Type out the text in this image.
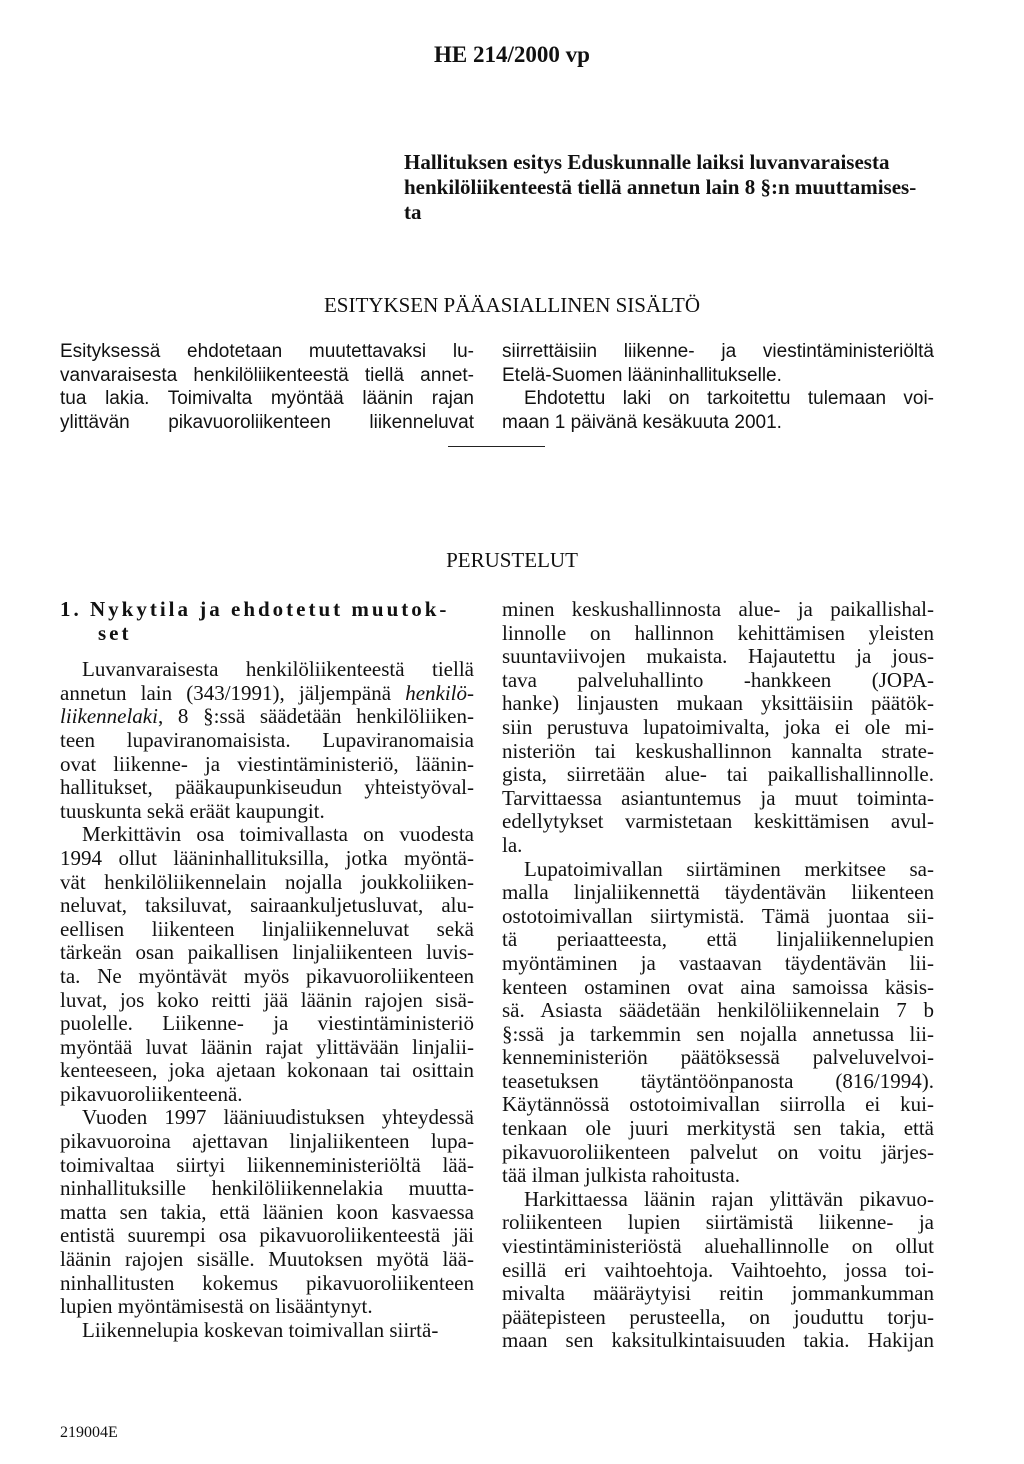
HE 214/2000 vp
Hallituksen esitys Eduskunnalle laiksi luvanvaraisesta
henkilöliikenteestä tiellä annetun lain 8 §:n muuttamises-
ta
ESITYKSEN PÄÄASIALLINEN SISÄLTÖ
Esityksessä ehdotetaan muutettavaksi lu-
vanvaraisesta henkilöliikenteestä tiellä annet-
tua lakia. Toimivalta myöntää läänin rajan
ylittävän pikavuoroliikenteen liikenneluvat
siirrettäisiin liikenne- ja viestintäministeriöltä
Etelä-Suomen lääninhallitukselle.
Ehdotettu laki on tarkoitettu tulemaan voi-
maan 1 päivänä kesäkuuta 2001.
PERUSTELUT
1. Nykytila ja ehdotetut muutok-
set
Luvanvaraisesta henkilöliikenteestä tiellä
annetun lain (343/1991), jäljempänä henkilö-
liikennelaki, 8 §:ssä säädetään henkilöliiken-
teen lupaviranomaisista. Lupaviranomaisia
ovat liikenne- ja viestintäministeriö, läänin-
hallitukset, pääkaupunkiseudun yhteistyöval-
tuuskunta sekä eräät kaupungit.
Merkittävin osa toimivallasta on vuodesta
1994 ollut lääninhallituksilla, jotka myöntä-
vät henkilöliikennelain nojalla joukkoliiken-
neluvat, taksiluvat, sairaankuljetusluvat, alu-
eellisen liikenteen linjaliikenneluvat sekä
tärkeän osan paikallisen linjaliikenteen luvis-
ta. Ne myöntävät myös pikavuoroliikenteen
luvat, jos koko reitti jää läänin rajojen sisä-
puolelle. Liikenne- ja viestintäministeriö
myöntää luvat läänin rajat ylittävään linjalii-
kenteeseen, joka ajetaan kokonaan tai osittain
pikavuoroliikenteenä.
Vuoden 1997 lääniuudistuksen yhteydessä
pikavuoroina ajettavan linjaliikenteen lupa-
toimivaltaa siirtyi liikenneministeriöltä lää-
ninhallituksille henkilöliikennelakia muutta-
matta sen takia, että läänien koon kasvaessa
entistä suurempi osa pikavuoroliikenteestä jäi
läänin rajojen sisälle. Muutoksen myötä lää-
ninhallitusten kokemus pikavuoroliikenteen
lupien myöntämisestä on lisääntynyt.
Liikennelupia koskevan toimivallan siirtä-
minen keskushallinnosta alue- ja paikallishal-
linnolle on hallinnon kehittämisen yleisten
suuntaviivojen mukaista. Hajautettu ja jous-
tava palveluhallinto -hankkeen (JOPA-
hanke) linjausten mukaan yksittäisiin päätök-
siin perustuva lupatoimivalta, joka ei ole mi-
nisteriön tai keskushallinnon kannalta strate-
gista, siirretään alue- tai paikallishallinnolle.
Tarvittaessa asiantuntemus ja muut toiminta-
edellytykset varmistetaan keskittämisen avul-
la.
Lupatoimivallan siirtäminen merkitsee sa-
malla linjaliikennettä täydentävän liikenteen
ostotoimivallan siirtymistä. Tämä juontaa sii-
tä periaatteesta, että linjaliikennelupien
myöntäminen ja vastaavan täydentävän lii-
kenteen ostaminen ovat aina samoissa käsis-
sä. Asiasta säädetään henkilöliikennelain 7 b
§:ssä ja tarkemmin sen nojalla annetussa lii-
kenneministeriön päätöksessä palveluvelvoi-
teasetuksen täytäntöönpanosta (816/1994).
Käytännössä ostotoimivallan siirrolla ei kui-
tenkaan ole juuri merkitystä sen takia, että
pikavuoroliikenteen palvelut on voitu järjes-
tää ilman julkista rahoitusta.
Harkittaessa läänin rajan ylittävän pikavuo-
roliikenteen lupien siirtämistä liikenne- ja
viestintäministeriöstä aluehallinnolle on ollut
esillä eri vaihtoehtoja. Vaihtoehto, jossa toi-
mivalta määräytyisi reitin jommankumman
päätepisteen perusteella, on jouduttu torju-
maan sen kaksitulkintaisuuden takia. Hakijan
219004E
